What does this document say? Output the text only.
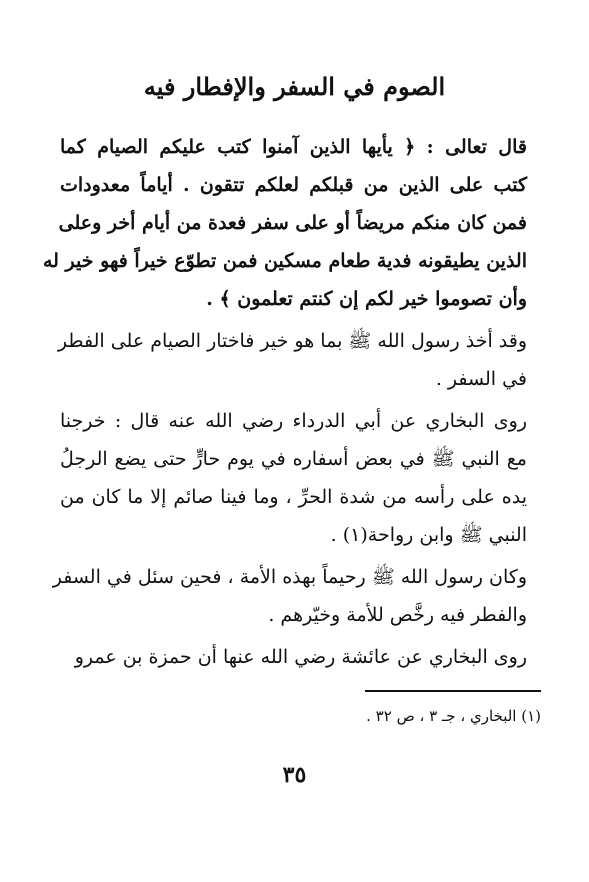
الصوم في السفر والإفطار فيه
قال تعالى : ﴿ يأيها الذين آمنوا كتب عليكم الصيام كما
كتب على الذين من قبلكم لعلكم تتقون . أياماً معدودات
فمن كان منكم مريضاً أو على سفر فعدة من أيام أخر وعلى
الذين يطيقونه فدية طعام مسكين فمن تطوّع خيراً فهو خير له
وأن تصوموا خير لكم إن كنتم تعلمون ﴾ .
وقد أخذ رسول الله ﷺ بما هو خير فاختار الصيام على الفطر
في السفر .
روى البخاري عن أبي الدرداء رضي الله عنه قال : خرجنا
مع النبي ﷺ في بعض أسفاره في يوم حارٍّ حتى يضع الرجلُ
يده على رأسه من شدة الحرِّ ، وما فينا صائم إلا ما كان من
النبي ﷺ وابن رواحة(١) .
وكان رسول الله ﷺ رحيماً بهذه الأمة ، فحين سئل في السفر
والفطر فيه رخَّص للأمة وخيّرهم .
روى البخاري عن عائشة رضي الله عنها أن حمزة بن عمرو
(١) البخاري ، جـ ٣ ، ص ٣٢ .
٣٥
